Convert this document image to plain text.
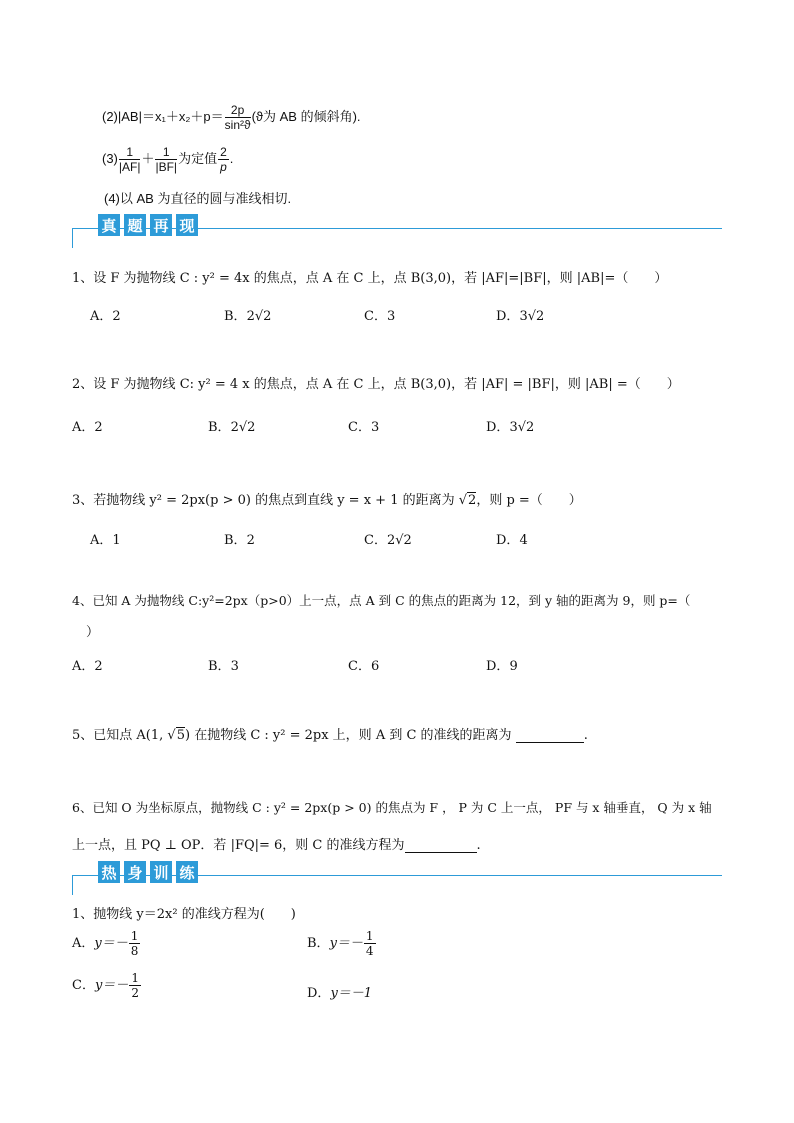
$(2)|AB|=x_1+x_2+p= \frac{2p}{\text{sin²ϑ}} (ϑ$为 AB 的倾斜角).
$(3) \frac{1}{|AF|} + \frac{1}{|BF|}$ 为定值 $\frac{2}{p}$ .
(4)以 AB 为直径的圆与准线相切.
真 题 再 现
1、设 F 为抛物线 C : y² = 4x 的焦点，点 A 在 C 上，点 B(3,0)，若 |AF|=|BF|，则 |AB|=（　　）
A．2	B．2√2	C．3	D．3√2
2、设 F 为抛物线 C: y² = 4 x 的焦点，点 A 在 C 上，点 B(3,0)，若 |AF| = |BF|，则 |AB| =（　　）
A．2	B．2√2	C．3	D．3√2
3、若抛物线 y² = 2px(p > 0) 的焦点到直线 y = x + 1 的距离为 √2，则 p =（　　）
A．1	B．2	C．2√2	D．4
4、已知 A 为抛物线 C:y²=2px（p>0）上一点，点 A 到 C 的焦点的距离为 12，到 y 轴的距离为 9，则 p=（
）
A．2	B．3	C．6	D．9
5、已知点 A(1, √5) 在抛物线 C : y² = 2px 上，则 A 到 C 的准线的距离为	.
6、已知 O 为坐标原点，抛物线 C : y² = 2px(p > 0) 的焦点为 F ， P 为 C 上一点， PF 与 x 轴垂直， Q 为 x 轴
上一点，且 PQ ⊥ OP．若 |FQ|= 6，则 C 的准线方程为	.
热 身 训 练
1、抛物线 y＝2x² 的准线方程为(　　)
A．$y=- \frac{1}{8}$	B．$y=- \frac{1}{4}$
C．$y=- \frac{1}{2}$	D．y＝－1
